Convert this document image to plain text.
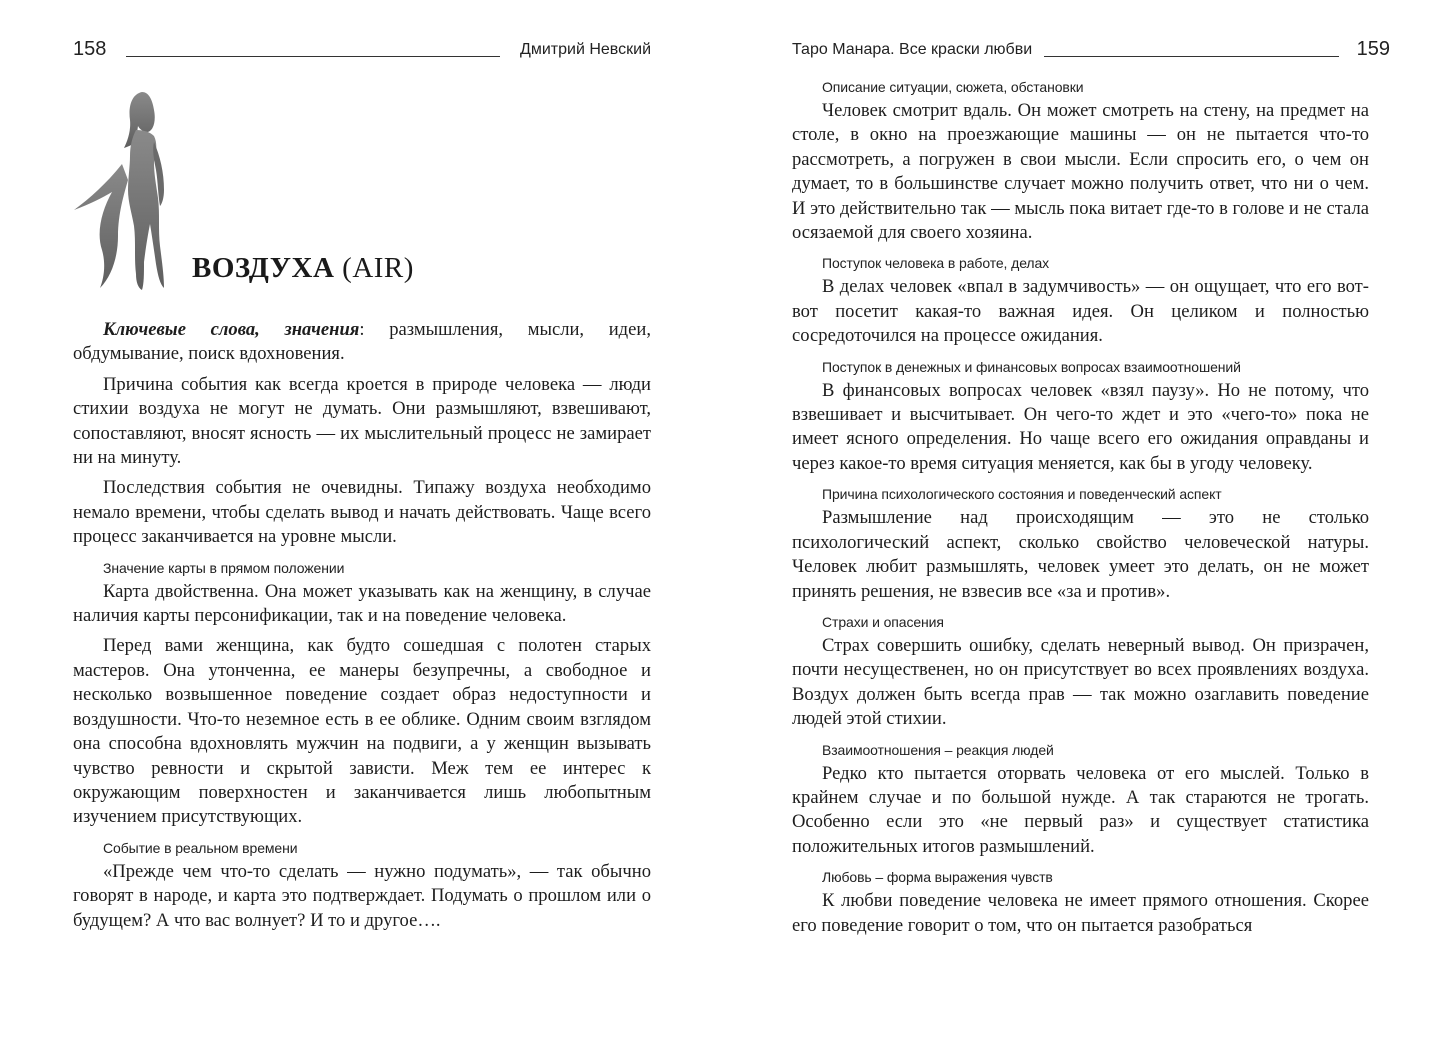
158	Дмитрий Невский
ВОЗДУХА (AIR)

Ключевые слова, значения: размышления, мысли, идеи, обдумывание, поиск вдохновения.

Причина события как всегда кроется в природе человека — люди стихии воздуха не могут не думать. Они размышляют, взвешивают, сопоставляют, вносят ясность — их мыслительный процесс не замирает ни на минуту.

Последствия события не очевидны. Типажу воздуха необходимо немало времени, чтобы сделать вывод и начать действовать. Чаще всего процесс заканчивается на уровне мысли.

Значение карты в прямом положении

Карта двойственна. Она может указывать как на женщину, в случае наличия карты персонификации, так и на поведение человека.

Перед вами женщина, как будто сошедшая с полотен старых мастеров. Она утонченна, ее манеры безупречны, а свободное и несколько возвышенное поведение создает образ недоступности и воздушности. Что-то неземное есть в ее облике. Одним своим взглядом она способна вдохновлять мужчин на подвиги, а у женщин вызывать чувство ревности и скрытой зависти. Меж тем ее интерес к окружающим поверхностен и заканчивается лишь любопытным изучением присутствующих.

Событие в реальном времени

«Прежде чем что-то сделать — нужно подумать», — так обычно говорят в народе, и карта это подтверждает. Подумать о прошлом или о будущем? А что вас волнует? И то и другое….

Таро Манара. Все краски любви	159
Описание ситуации, сюжета, обстановки

Человек смотрит вдаль. Он может смотреть на стену, на предмет на столе, в окно на проезжающие машины — он не пытается что-то рассмотреть, а погружен в свои мысли. Если спросить его, о чем он думает, то в большинстве случает можно получить ответ, что ни о чем. И это действительно так — мысль пока витает где-то в голове и не стала осязаемой для своего хозяина.

Поступок человека в работе, делах

В делах человек «впал в задумчивость» — он ощущает, что его вот-вот посетит какая-то важная идея. Он целиком и полностью сосредоточился на процессе ожидания.

Поступок в денежных и финансовых вопросах взаимоотношений

В финансовых вопросах человек «взял паузу». Но не потому, что взвешивает и высчитывает. Он чего-то ждет и это «чего-то» пока не имеет ясного определения. Но чаще всего его ожидания оправданы и через какое-то время ситуация меняется, как бы в угоду человеку.

Причина психологического состояния и поведенческий аспект

Размышление над происходящим — это не столько психологический аспект, сколько свойство человеческой натуры. Человек любит размышлять, человек умеет это делать, он не может принять решения, не взвесив все «за и против».

Страхи и опасения

Страх совершить ошибку, сделать неверный вывод. Он призрачен, почти несущественен, но он присутствует во всех проявлениях воздуха. Воздух должен быть всегда прав — так можно озаглавить поведение людей этой стихии.

Взаимоотношения – реакция людей

Редко кто пытается оторвать человека от его мыслей. Только в крайнем случае и по большой нужде. А так стараются не трогать. Особенно если это «не первый раз» и существует статистика положительных итогов размышлений.

Любовь – форма выражения чувств

К любви поведение человека не имеет прямого отношения. Скорее его поведение говорит о том, что он пытается разобраться
